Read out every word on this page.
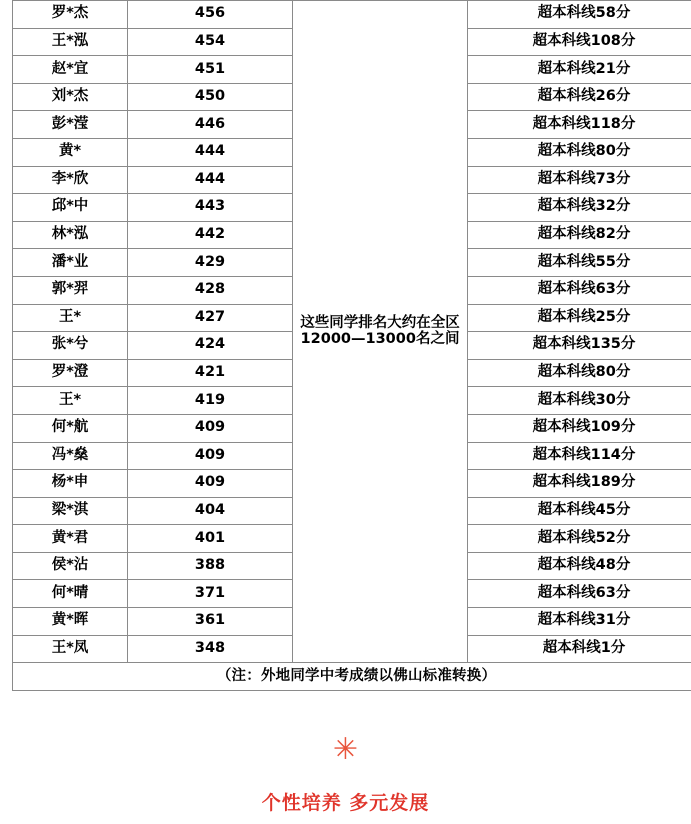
罗*杰	456	这些同学排名大约在全区12000—13000名之间	超本科线58分
王*泓	454		超本科线108分
赵*宜	451		超本科线21分
刘*杰	450		超本科线26分
彭*滢	446		超本科线118分
黄*	444		超本科线80分
李*欣	444		超本科线73分
邱*中	443		超本科线32分
林*泓	442		超本科线82分
潘*业	429		超本科线55分
郭*羿	428		超本科线63分
王*	427		超本科线25分
张*兮	424		超本科线135分
罗*澄	421		超本科线80分
王*	419		超本科线30分
何*航	409		超本科线109分
冯*燊	409		超本科线114分
杨*申	409		超本科线189分
梁*淇	404		超本科线45分
黄*君	401		超本科线52分
侯*沾	388		超本科线48分
何*晴	371		超本科线63分
黄*晖	361		超本科线31分
王*凤	348		超本科线1分
（注：外地同学中考成绩以佛山标准转换）			
✳
个性培养 多元发展
